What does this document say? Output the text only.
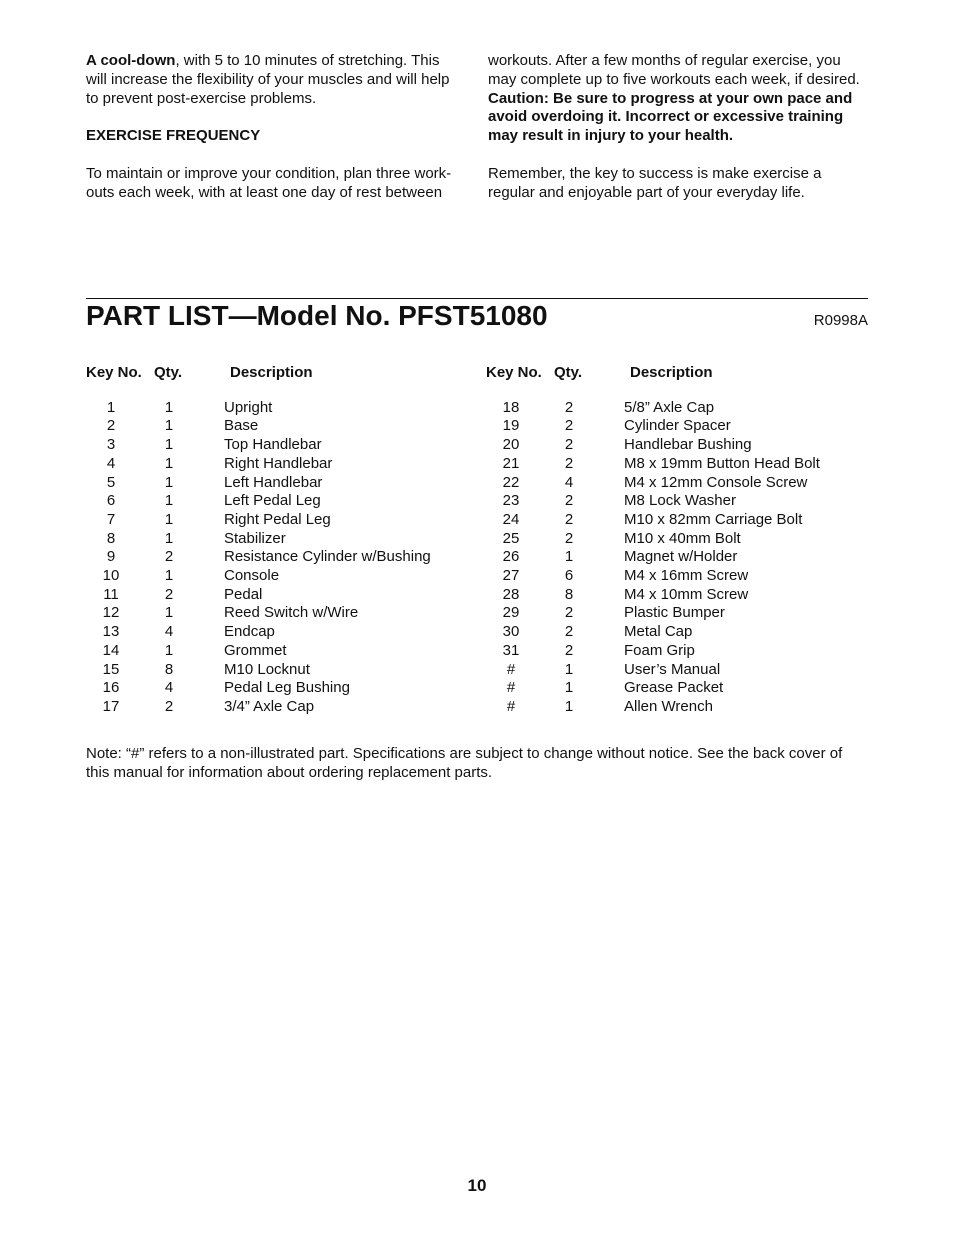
A cool-down, with 5 to 10 minutes of stretching. This will increase the flexibility of your muscles and will help to prevent post-exercise problems.

EXERCISE FREQUENCY

To maintain or improve your condition, plan three work-outs each week, with at least one day of rest between

workouts. After a few months of regular exercise, you may complete up to five workouts each week, if desired. Caution: Be sure to progress at your own pace and avoid overdoing it. Incorrect or excessive training may result in injury to your health.

Remember, the key to success is make exercise a regular and enjoyable part of your everyday life.

PART LIST—Model No. PFST51080	R0998A
Key No. Qty.	Description
1	1	Upright
2	1	Base
3	1	Top Handlebar
4	1	Right Handlebar
5	1	Left Handlebar
6	1	Left Pedal Leg
7	1	Right Pedal Leg
8	1	Stabilizer
9	2	Resistance Cylinder w/Bushing
10	1	Console
11	2	Pedal
12	1	Reed Switch w/Wire
13	4	Endcap
14	1	Grommet
15	8	M10 Locknut
16	4	Pedal Leg Bushing
17	2	3/4” Axle Cap
Key No. Qty.	Description
18	2	5/8” Axle Cap
19	2	Cylinder Spacer
20	2	Handlebar Bushing
21	2	M8 x 19mm Button Head Bolt
22	4	M4 x 12mm Console Screw
23	2	M8 Lock Washer
24	2	M10 x 82mm Carriage Bolt
25	2	M10 x 40mm Bolt
26	1	Magnet w/Holder
27	6	M4 x 16mm Screw
28	8	M4 x 10mm Screw
29	2	Plastic Bumper
30	2	Metal Cap
31	2	Foam Grip
#	1	User’s Manual
#	1	Grease Packet
#	1	Allen Wrench

Note: “#” refers to a non-illustrated part. Specifications are subject to change without notice. See the back cover of this manual for information about ordering replacement parts.

10
